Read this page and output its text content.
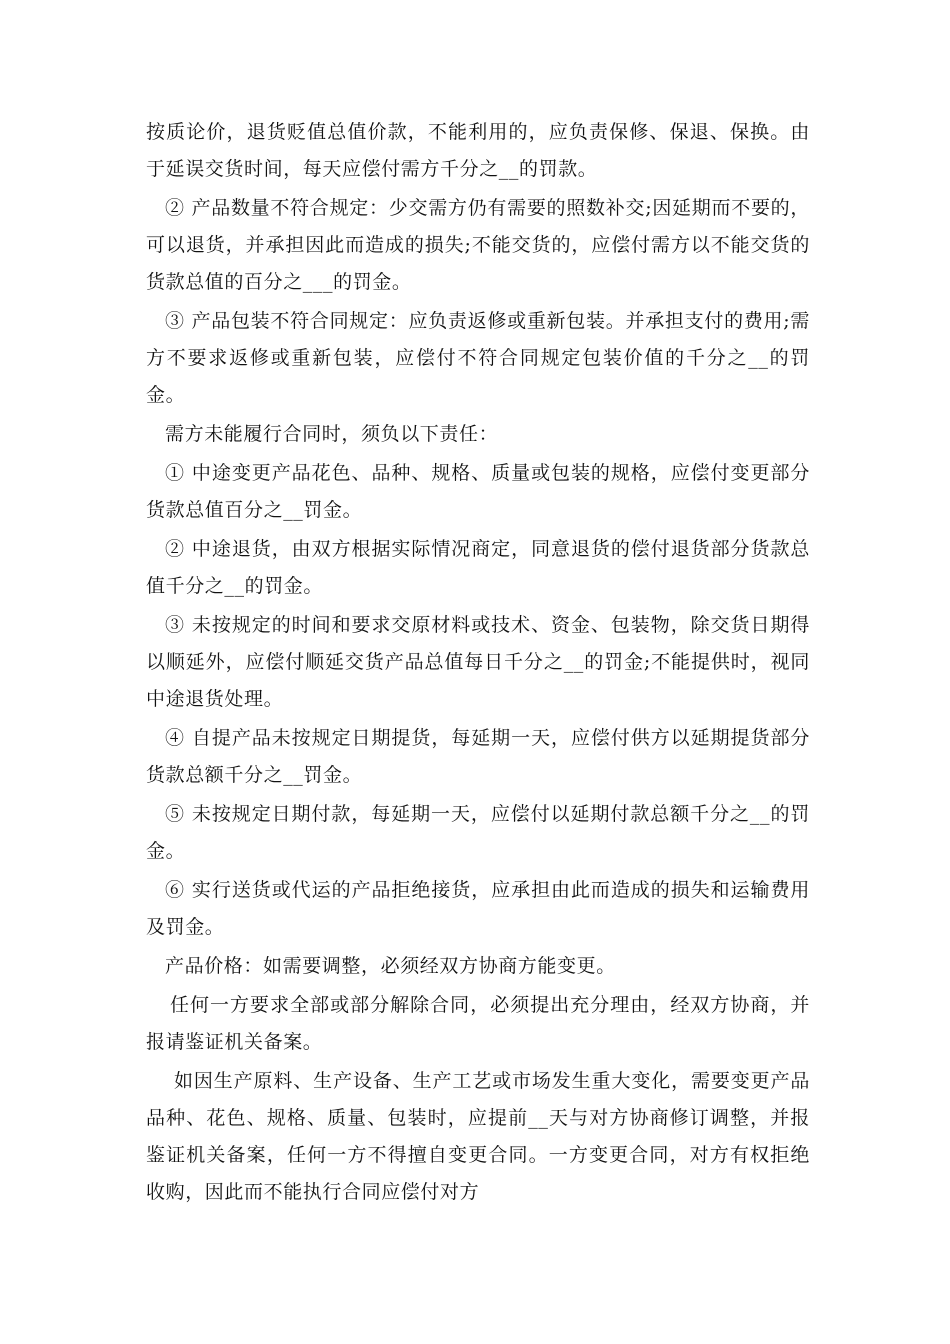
按质论价，退货贬值总值价款，不能利用的，应负责保修、保退、保换。由于延误交货时间，每天应偿付需方千分之__的罚款。

② 产品数量不符合规定：少交需方仍有需要的照数补交;因延期而不要的，可以退货，并承担因此而造成的损失;不能交货的，应偿付需方以不能交货的货款总值的百分之___的罚金。

③ 产品包装不符合同规定：应负责返修或重新包装。并承担支付的费用;需方不要求返修或重新包装，应偿付不符合同规定包装价值的千分之__的罚金。

需方未能履行合同时，须负以下责任：

① 中途变更产品花色、品种、规格、质量或包装的规格，应偿付变更部分货款总值百分之__罚金。

② 中途退货，由双方根据实际情况商定，同意退货的偿付退货部分货款总值千分之__的罚金。

③ 未按规定的时间和要求交原材料或技术、资金、包装物，除交货日期得以顺延外，应偿付顺延交货产品总值每日千分之__的罚金;不能提供时，视同中途退货处理。

④ 自提产品未按规定日期提货，每延期一天，应偿付供方以延期提货部分货款总额千分之__罚金。

⑤ 未按规定日期付款，每延期一天，应偿付以延期付款总额千分之__的罚金。

⑥ 实行送货或代运的产品拒绝接货，应承担由此而造成的损失和运输费用及罚金。

产品价格：如需要调整，必须经双方协商方能变更。

任何一方要求全部或部分解除合同，必须提出充分理由，经双方协商，并报请鉴证机关备案。

如因生产原料、生产设备、生产工艺或市场发生重大变化，需要变更产品品种、花色、规格、质量、包装时，应提前__天与对方协商修订调整，并报鉴证机关备案，任何一方不得擅自变更合同。一方变更合同，对方有权拒绝收购，因此而不能执行合同应偿付对方
